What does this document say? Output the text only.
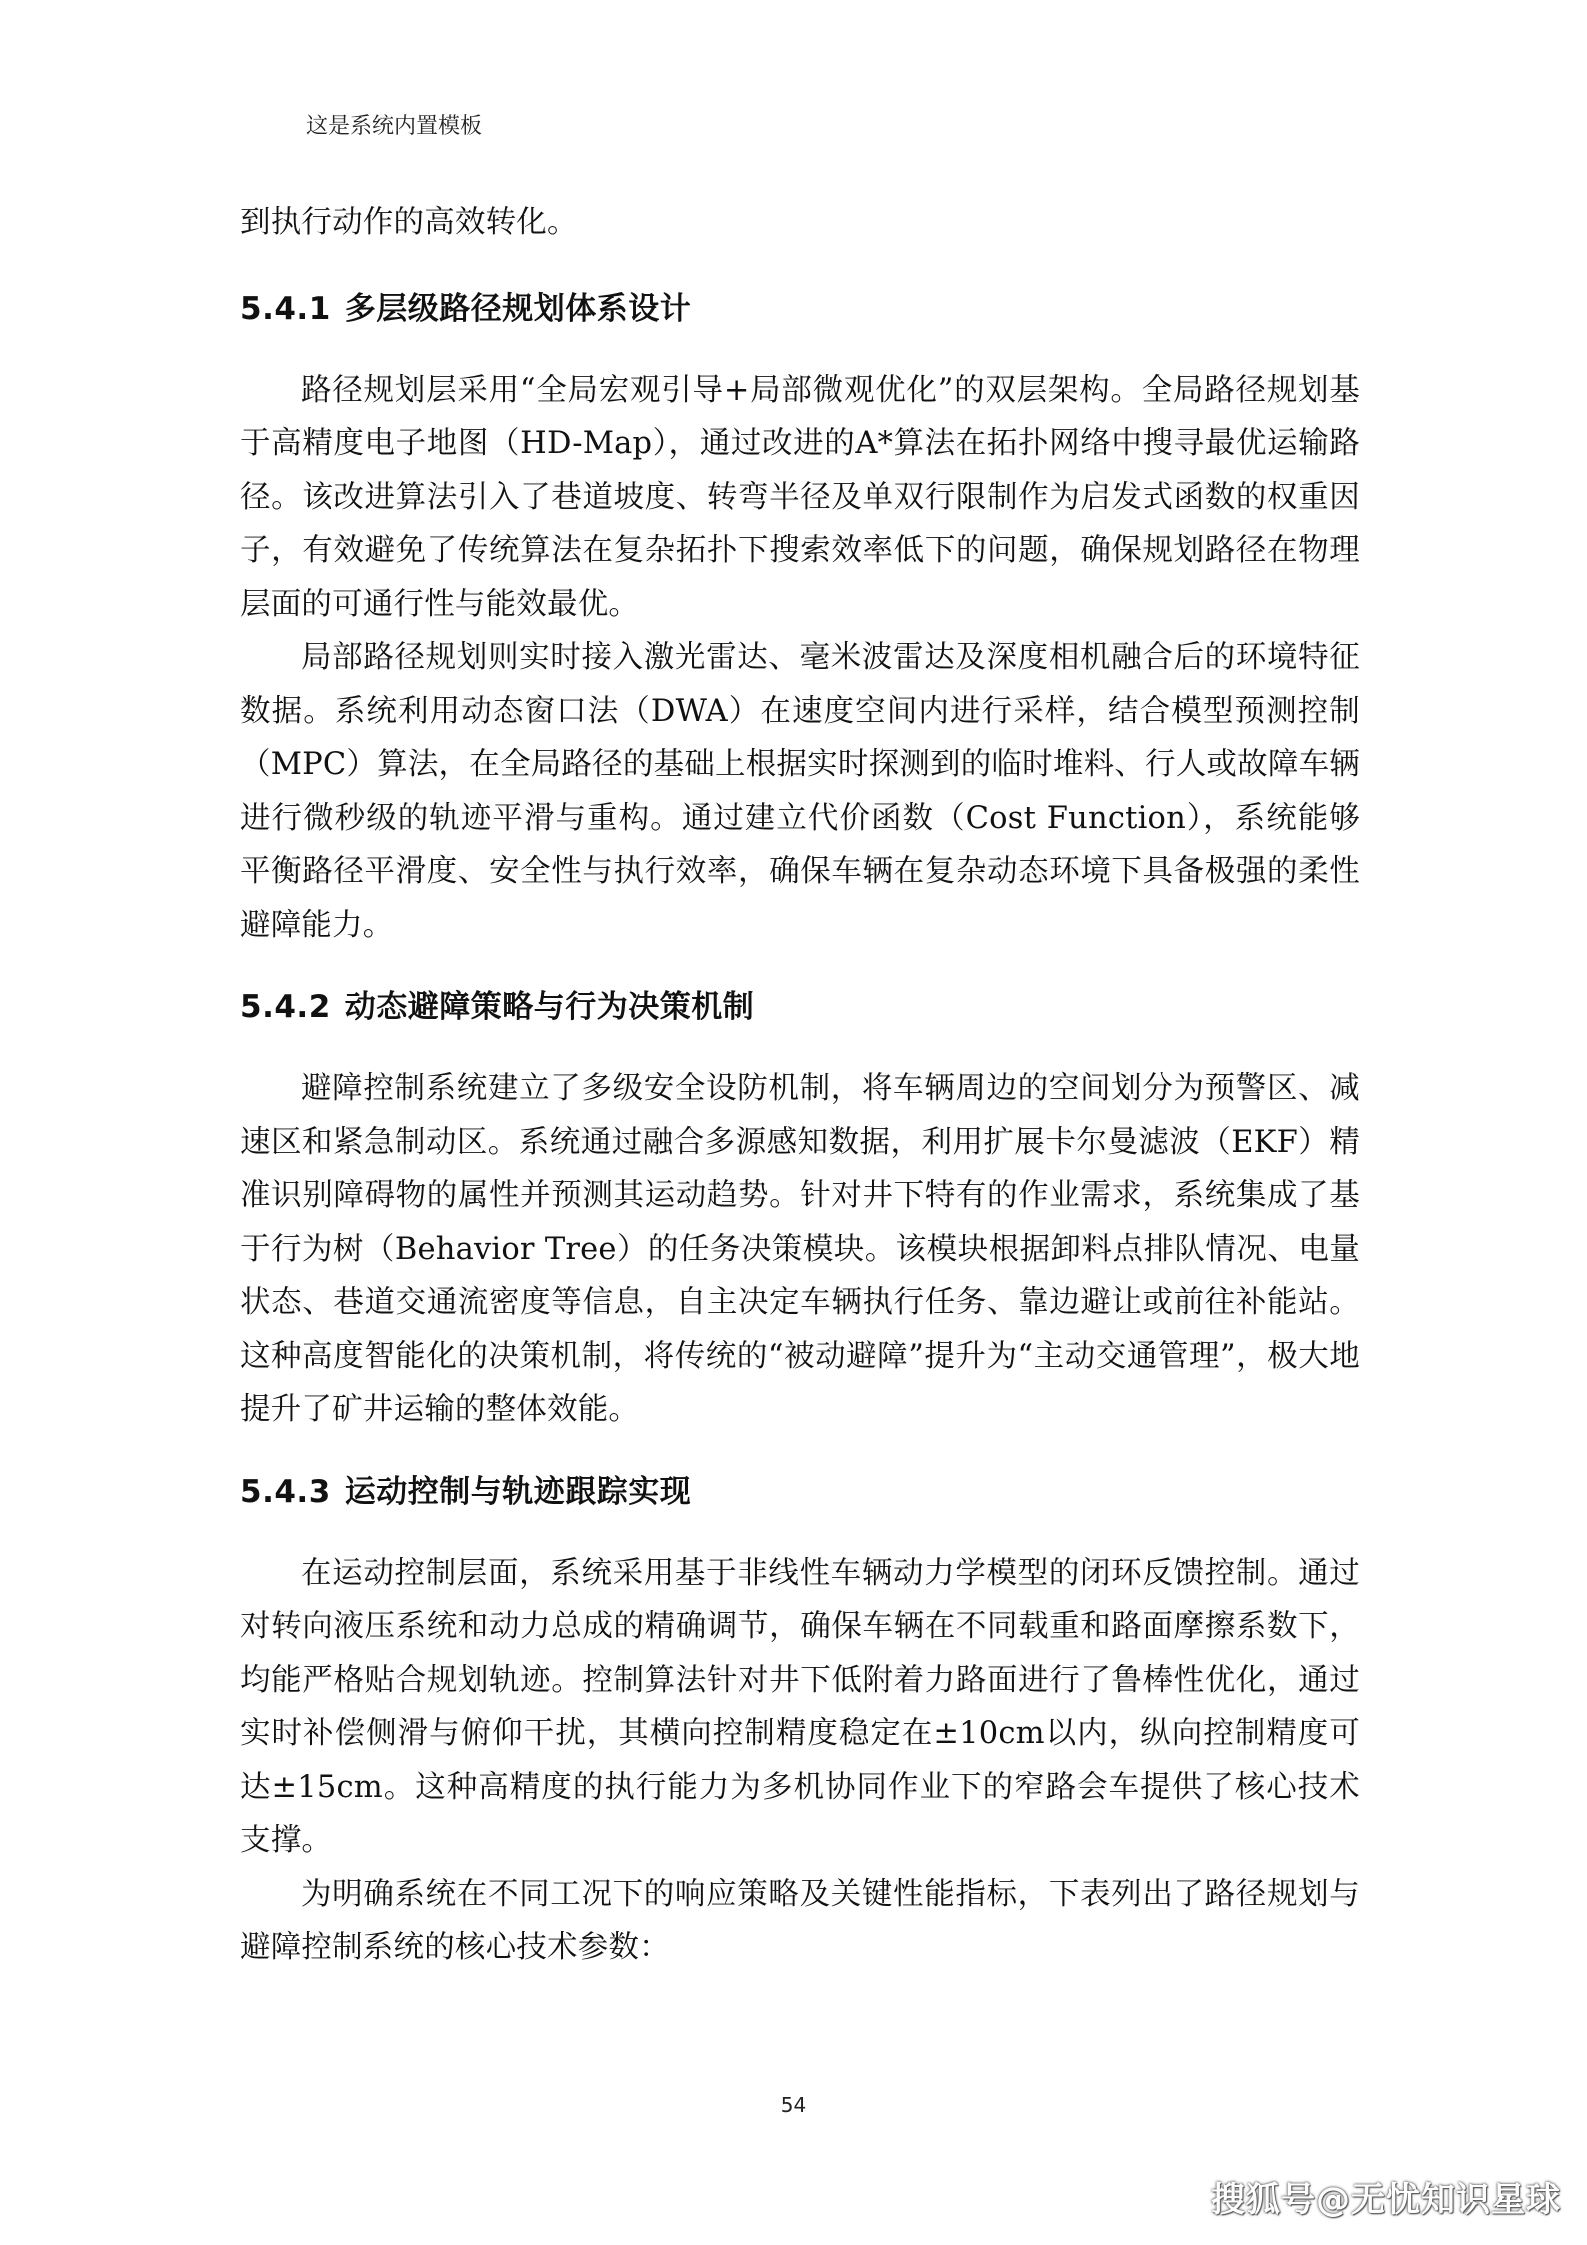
这是系统内置模板

到执行动作的高效转化。

5.4.1 多层级路径规划体系设计

路径规划层采用“全局宏观引导+局部微观优化”的双层架构。全局路径规划基于高精度电子地图（HD-Map），通过改进的A*算法在拓扑网络中搜寻最优运输路径。该改进算法引入了巷道坡度、转弯半径及单双行限制作为启发式函数的权重因子，有效避免了传统算法在复杂拓扑下搜索效率低下的问题，确保规划路径在物理层面的可通行性与能效最优。

局部路径规划则实时接入激光雷达、毫米波雷达及深度相机融合后的环境特征数据。系统利用动态窗口法（DWA）在速度空间内进行采样，结合模型预测控制（MPC）算法，在全局路径的基础上根据实时探测到的临时堆料、行人或故障车辆进行微秒级的轨迹平滑与重构。通过建立代价函数（Cost Function），系统能够平衡路径平滑度、安全性与执行效率，确保车辆在复杂动态环境下具备极强的柔性避障能力。

5.4.2 动态避障策略与行为决策机制

避障控制系统建立了多级安全设防机制，将车辆周边的空间划分为预警区、减速区和紧急制动区。系统通过融合多源感知数据，利用扩展卡尔曼滤波（EKF）精准识别障碍物的属性并预测其运动趋势。针对井下特有的作业需求，系统集成了基于行为树（Behavior Tree）的任务决策模块。该模块根据卸料点排队情况、电量状态、巷道交通流密度等信息，自主决定车辆执行任务、靠边避让或前往补能站。这种高度智能化的决策机制，将传统的“被动避障”提升为“主动交通管理”，极大地提升了矿井运输的整体效能。

5.4.3 运动控制与轨迹跟踪实现

在运动控制层面，系统采用基于非线性车辆动力学模型的闭环反馈控制。通过对转向液压系统和动力总成的精确调节，确保车辆在不同载重和路面摩擦系数下，均能严格贴合规划轨迹。控制算法针对井下低附着力路面进行了鲁棒性优化，通过实时补偿侧滑与俯仰干扰，其横向控制精度稳定在±10cm以内，纵向控制精度可达±15cm。这种高精度的执行能力为多机协同作业下的窄路会车提供了核心技术支撑。

为明确系统在不同工况下的响应策略及关键性能指标，下表列出了路径规划与避障控制系统的核心技术参数：

54
搜狐号@无忧知识星球
